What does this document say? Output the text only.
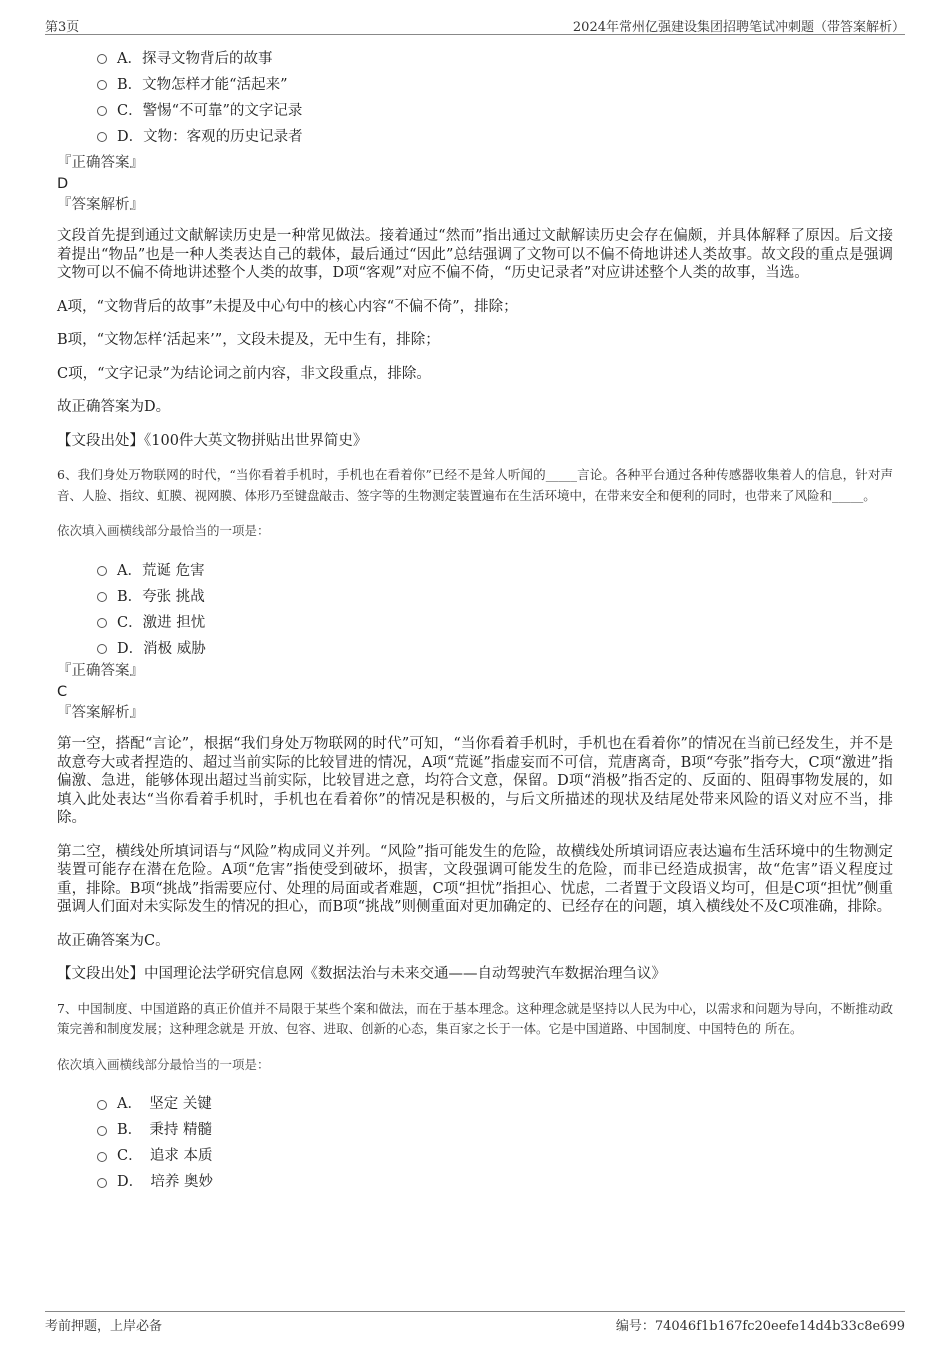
第3页	2024年常州亿强建设集团招聘笔试冲刺题（带答案解析）
A．探寻文物背后的故事
B．文物怎样才能“活起来”
C．警惕“不可靠”的文字记录
D．文物：客观的历史记录者
『正确答案』
D
『答案解析』

文段首先提到通过文献解读历史是一种常见做法。接着通过“然而”指出通过文献解读历史会存在偏颇，并具体解释了原因。后文接着提出“物品”也是一种人类表达自己的载体，最后通过“因此”总结强调了文物可以不偏不倚地讲述人类故事。故文段的重点是强调文物可以不偏不倚地讲述整个人类的故事，D项“客观”对应不偏不倚，“历史记录者”对应讲述整个人类的故事，当选。

A项，“文物背后的故事”未提及中心句中的核心内容“不偏不倚”，排除；

B项，“文物怎样‘活起来’”，文段未提及，无中生有，排除；

C项，“文字记录”为结论词之前内容，非文段重点，排除。

故正确答案为D。

【文段出处】《100件大英文物拼贴出世界简史》

6、我们身处万物联网的时代，“当你看着手机时，手机也在看着你”已经不是耸人听闻的_____言论。各种平台通过各种传感器收集着人的信息，针对声音、人脸、指纹、虹膜、视网膜、体形乃至键盘敲击、签字等的生物测定装置遍布在生活环境中，在带来安全和便利的同时，也带来了风险和_____。

依次填入画横线部分最恰当的一项是：
A．荒诞 危害
B．夸张 挑战
C．激进 担忧
D．消极 威胁
『正确答案』
C
『答案解析』

第一空，搭配“言论”，根据“我们身处万物联网的时代”可知，“当你看着手机时，手机也在看着你”的情况在当前已经发生，并不是故意夸大或者捏造的、超过当前实际的比较冒进的情况，A项“荒诞”指虚妄而不可信，荒唐离奇，B项“夸张”指夸大，C项“激进”指偏激、急进，能够体现出超过当前实际，比较冒进之意，均符合文意，保留。D项“消极”指否定的、反面的、阻碍事物发展的，如填入此处表达“当你看着手机时，手机也在看着你”的情况是积极的，与后文所描述的现状及结尾处带来风险的语义对应不当，排除。

第二空，横线处所填词语与“风险”构成同义并列。“风险”指可能发生的危险，故横线处所填词语应表达遍布生活环境中的生物测定装置可能存在潜在危险。A项“危害”指使受到破坏，损害，文段强调可能发生的危险，而非已经造成损害，故“危害”语义程度过重，排除。B项“挑战”指需要应付、处理的局面或者难题，C项“担忧”指担心、忧虑，二者置于文段语义均可，但是C项“担忧”侧重强调人们面对未实际发生的情况的担心，而B项“挑战”则侧重面对更加确定的、已经存在的问题，填入横线处不及C项准确，排除。

故正确答案为C。

【文段出处】中国理论法学研究信息网《数据法治与未来交通——自动驾驶汽车数据治理刍议》

7、中国制度、中国道路的真正价值并不局限于某些个案和做法，而在于基本理念。这种理念就是坚持以人民为中心，以需求和问题为导向，不断推动政策完善和制度发展；这种理念就是 开放、包容、进取、创新的心态，集百家之长于一体。它是中国道路、中国制度、中国特色的 所在。

依次填入画横线部分最恰当的一项是：
A．　坚定 关键
B．　秉持 精髓
C．　追求 本质
D．　培养 奥妙
考前押题，上岸必备	编号：74046f1b167fc20eefe14d4b33c8e699
